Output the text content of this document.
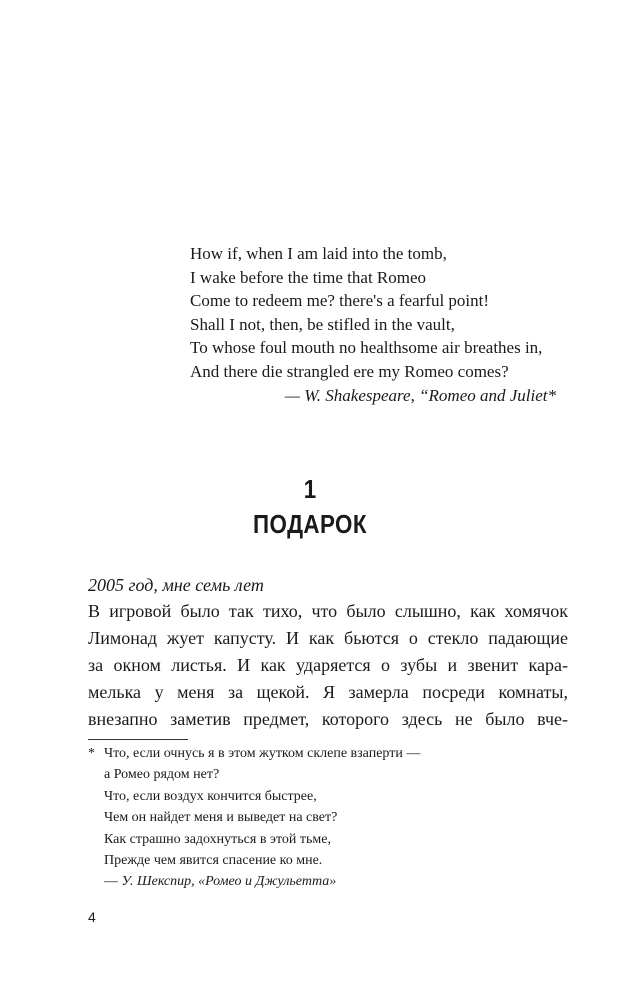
How if, when I am laid into the tomb,
I wake before the time that Romeo
Come to redeem me? there's a fearful point!
Shall I not, then, be stifled in the vault,
To whose foul mouth no healthsome air breathes in,
And there die strangled ere my Romeo comes?
— W. Shakespeare, “Romeo and Juliet*
1
ПОДАРОК
2005 год, мне семь лет
В игровой было так тихо, что было слышно, как хомячок
Лимонад жует капусту. И как бьются о стекло падающие
за окном листья. И как ударяется о зубы и звенит кара-
мелька у меня за щекой. Я замерла посреди комнаты,
внезапно заметив предмет, которого здесь не было вче-
* Что, если очнусь я в этом жутком склепе взаперти —
а Ромео рядом нет?
Что, если воздух кончится быстрее,
Чем он найдет меня и выведет на свет?
Как страшно задохнуться в этой тьме,
Прежде чем явится спасение ко мне.
— У. Шекспир, «Ромео и Джульетта»
4
